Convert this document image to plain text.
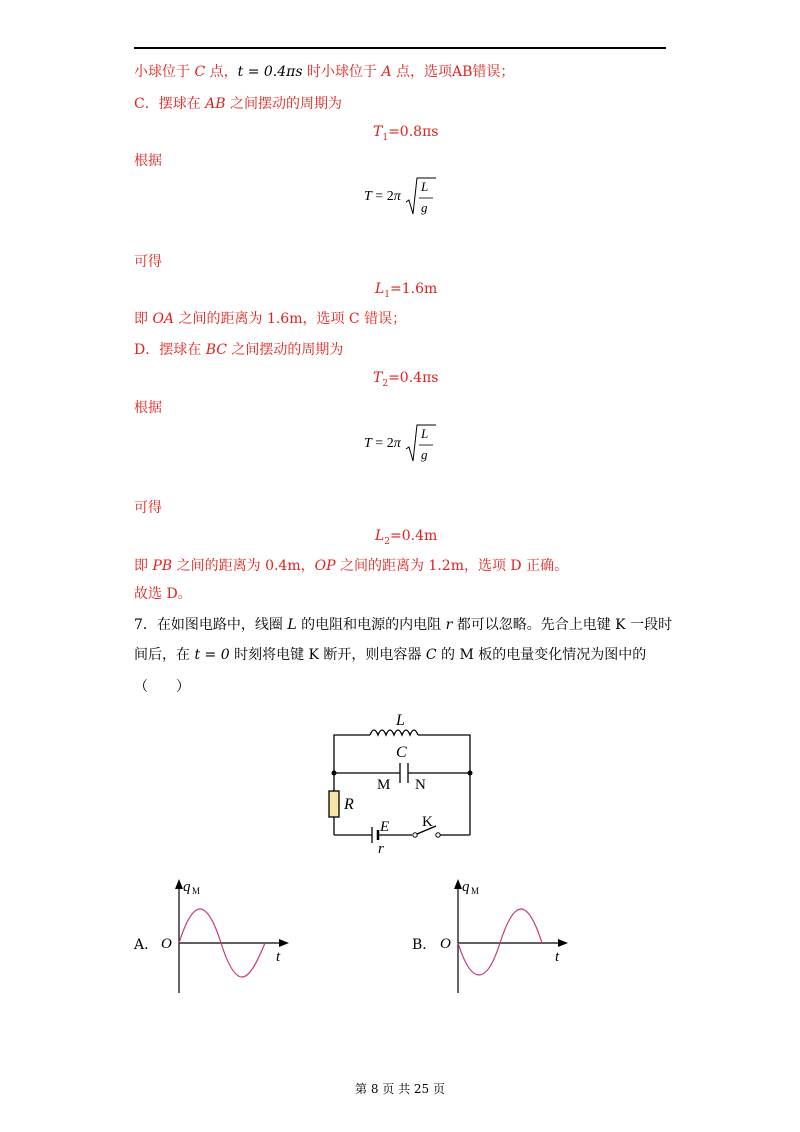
小球位于 C 点，t = 0.4πs 时小球位于 A 点，选项AB错误；
C．摆球在 AB 之间摆动的周期为
$T_1=0.8\pi s$
根据
T = 2π
L
g
可得
$L_1=1.6m$
即 OA 之间的距离为 1.6m，选项 C 错误；
D．摆球在 BC 之间摆动的周期为
$T_2=0.4\pi s$
根据
T = 2π
L
g
可得
$L_2=0.4m$
即 PB 之间的距离为 0.4m，OP 之间的距离为 1.2m，选项 D 正确。
故选 D。
7．在如图电路中，线圈 L 的电阻和电源的内电阻 r 都可以忽略。先合上电键 K 一段时
间后，在 t = 0 时刻将电键 K 断开，则电容器 C 的 M 板的电量变化情况为图中的
（　　）
L
C
M N
R
E
r
K
A．
q M
O
t
B．
q M
O
t
第 8 页 共 25 页
